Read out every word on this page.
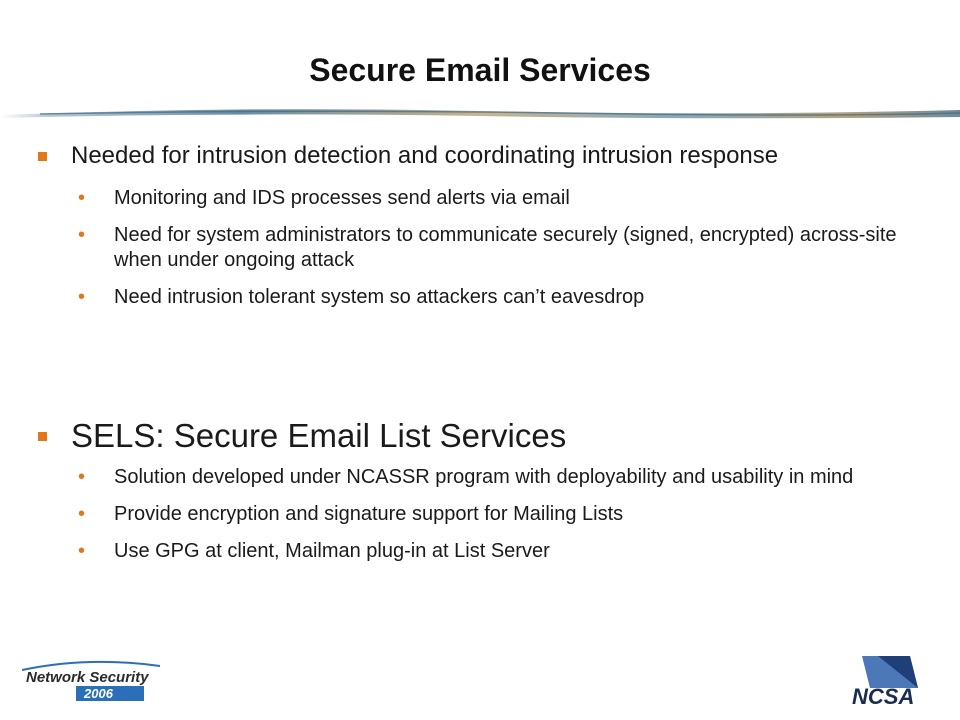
Secure Email Services
Needed for intrusion detection and coordinating intrusion response
•	Monitoring and IDS processes send alerts via email
•	Need for system administrators to communicate securely (signed, encrypted) across-site when under ongoing attack
•	Need intrusion tolerant system so attackers can’t eavesdrop
SELS: Secure Email List Services
•	Solution developed under NCASSR program with deployability and usability in mind
•	Provide encryption and signature support for Mailing Lists
•	Use GPG at client, Mailman plug-in at List Server
Network Security
2006	NCSA
